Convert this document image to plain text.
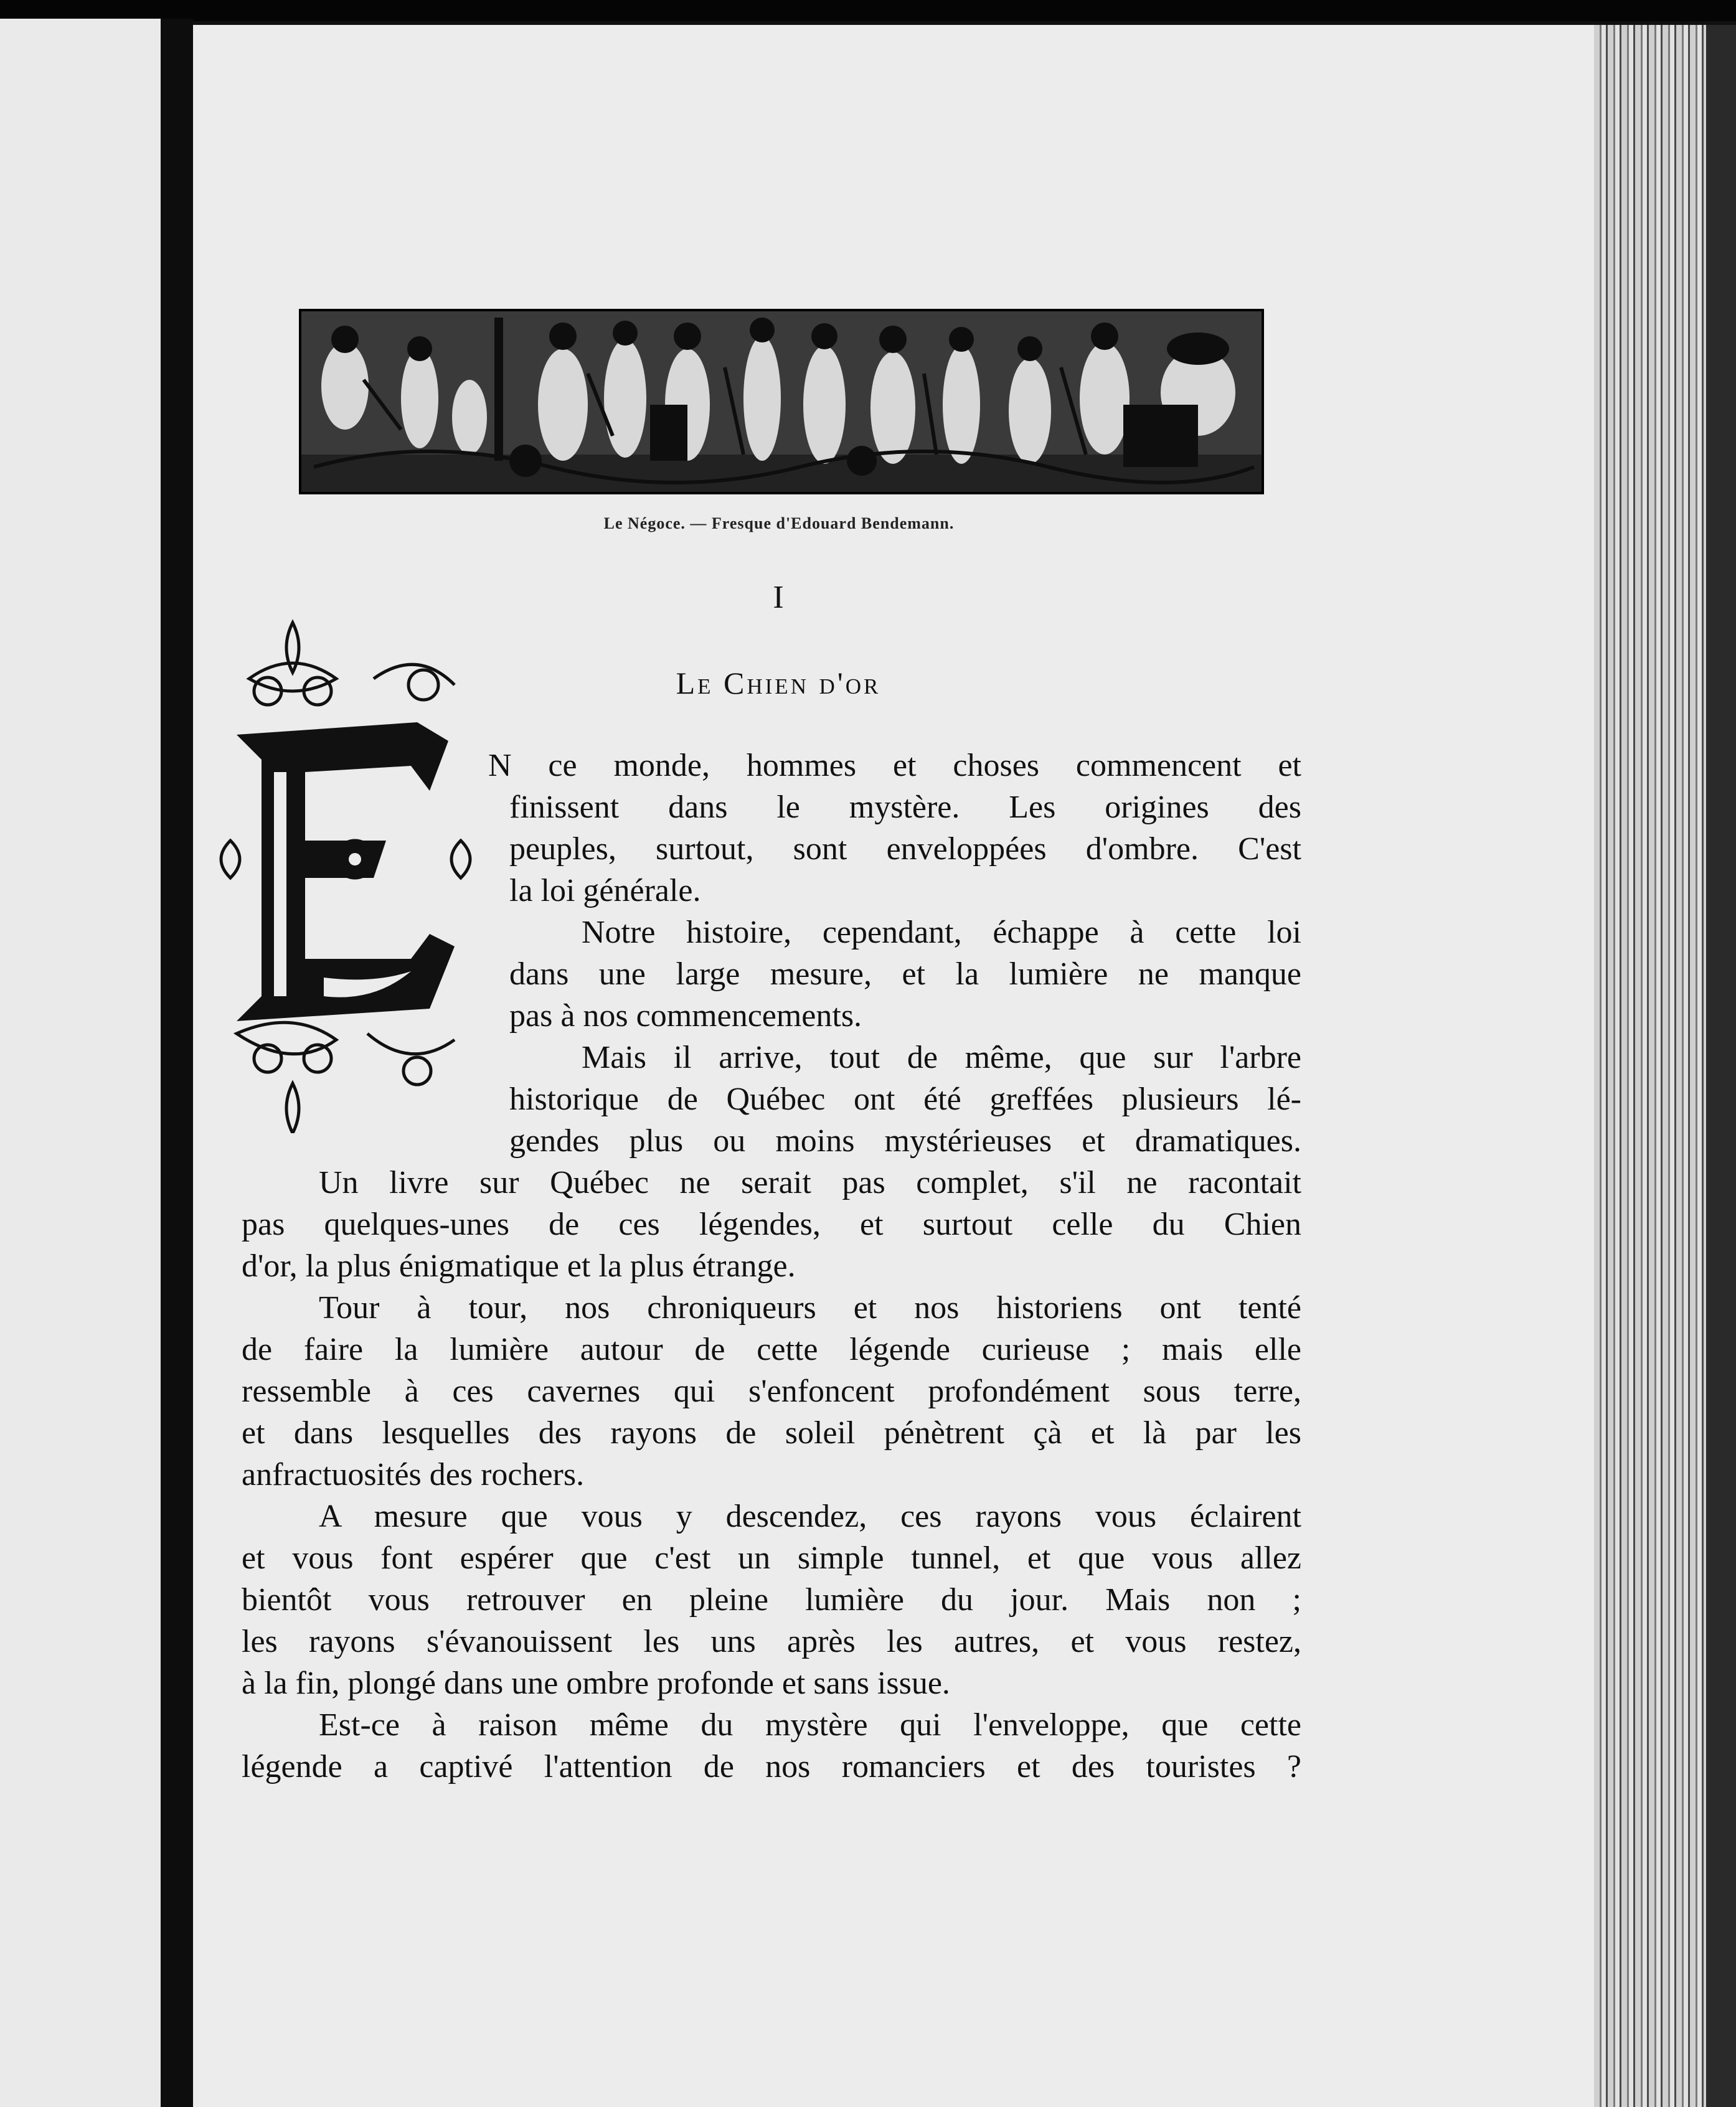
Le Négoce. — Fresque d'Edouard Bendemann.
I
Le Chien d'or
N ce monde, hommes et choses commencent et
finissent dans le mystère. Les origines des
peuples, surtout, sont enveloppées d'ombre. C'est
la loi générale.
Notre histoire, cependant, échappe à cette loi
dans une large mesure, et la lumière ne manque
pas à nos commencements.
Mais il arrive, tout de même, que sur l'arbre
historique de Québec ont été greffées plusieurs lé-
gendes plus ou moins mystérieuses et dramatiques.
Un livre sur Québec ne serait pas complet, s'il ne racontait
pas quelques-unes de ces légendes, et surtout celle du Chien
d'or, la plus énigmatique et la plus étrange.
Tour à tour, nos chroniqueurs et nos historiens ont tenté
de faire la lumière autour de cette légende curieuse ; mais elle
ressemble à ces cavernes qui s'enfoncent profondément sous terre,
et dans lesquelles des rayons de soleil pénètrent çà et là par les
anfractuosités des rochers.
A mesure que vous y descendez, ces rayons vous éclairent
et vous font espérer que c'est un simple tunnel, et que vous allez
bientôt vous retrouver en pleine lumière du jour. Mais non ;
les rayons s'évanouissent les uns après les autres, et vous restez,
à la fin, plongé dans une ombre profonde et sans issue.
Est-ce à raison même du mystère qui l'enveloppe, que cette
légende a captivé l'attention de nos romanciers et des touristes ?
